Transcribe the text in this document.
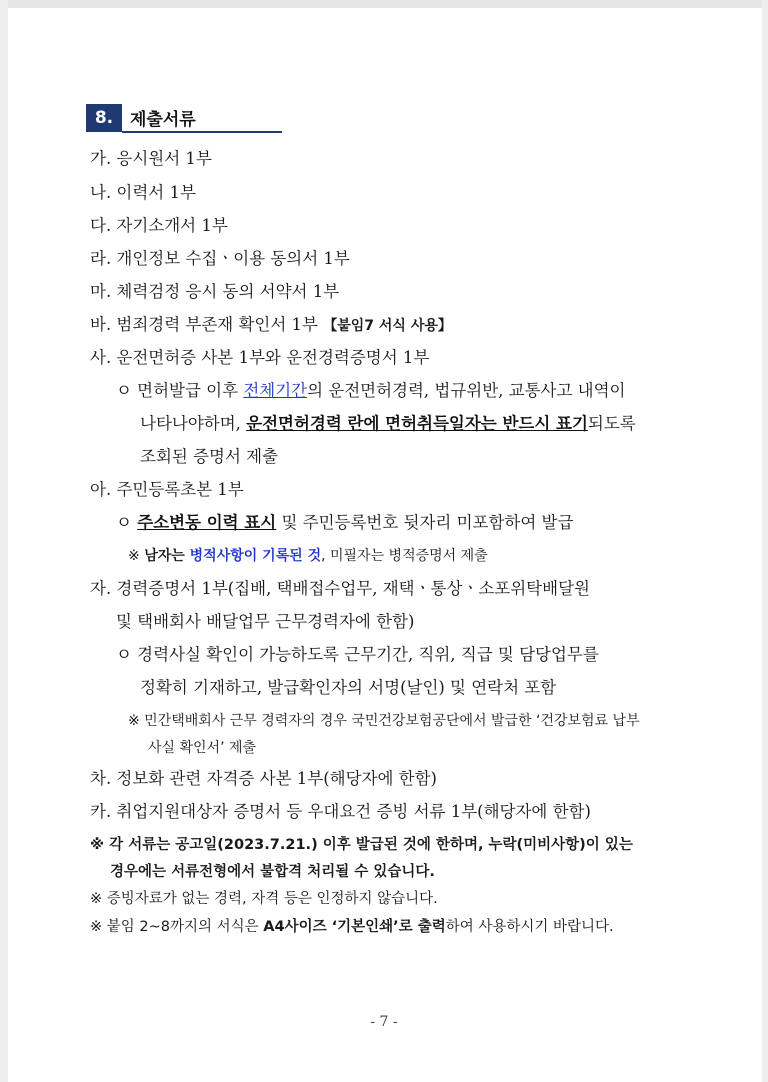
8. 제출서류
가. 응시원서 1부
나. 이력서 1부
다. 자기소개서 1부
라. 개인정보 수집ㆍ이용 동의서 1부
마. 체력검정 응시 동의 서약서 1부
바. 범죄경력 부존재 확인서 1부 【붙임7 서식 사용】
사. 운전면허증 사본 1부와 운전경력증명서 1부
ㅇ 면허발급 이후 전체기간의 운전면허경력, 법규위반, 교통사고 내역이
나타나야하며, 운전면허경력 란에 면허취득일자는 반드시 표기되도록
조회된 증명서 제출
아. 주민등록초본 1부
ㅇ 주소변동 이력 표시 및 주민등록번호 뒷자리 미포함하여 발급
※ 남자는 병적사항이 기록된 것, 미필자는 병적증명서 제출
자. 경력증명서 1부(집배, 택배접수업무, 재택ㆍ통상ㆍ소포위탁배달원
및 택배회사 배달업무 근무경력자에 한함)
ㅇ 경력사실 확인이 가능하도록 근무기간, 직위, 직급 및 담당업무를
정확히 기재하고, 발급확인자의 서명(날인) 및 연락처 포함
※ 민간택배회사 근무 경력자의 경우 국민건강보험공단에서 발급한 ‘건강보험료 납부
사실 확인서’ 제출
차. 정보화 관련 자격증 사본 1부(해당자에 한함)
카. 취업지원대상자 증명서 등 우대요건 증빙 서류 1부(해당자에 한함)
※ 각 서류는 공고일(2023.7.21.) 이후 발급된 것에 한하며, 누락(미비사항)이 있는
경우에는 서류전형에서 불합격 처리될 수 있습니다.
※ 증빙자료가 없는 경력, 자격 등은 인정하지 않습니다.
※ 붙임 2~8까지의 서식은 A4사이즈 ‘기본인쇄’로 출력하여 사용하시기 바랍니다.
- 7 -
